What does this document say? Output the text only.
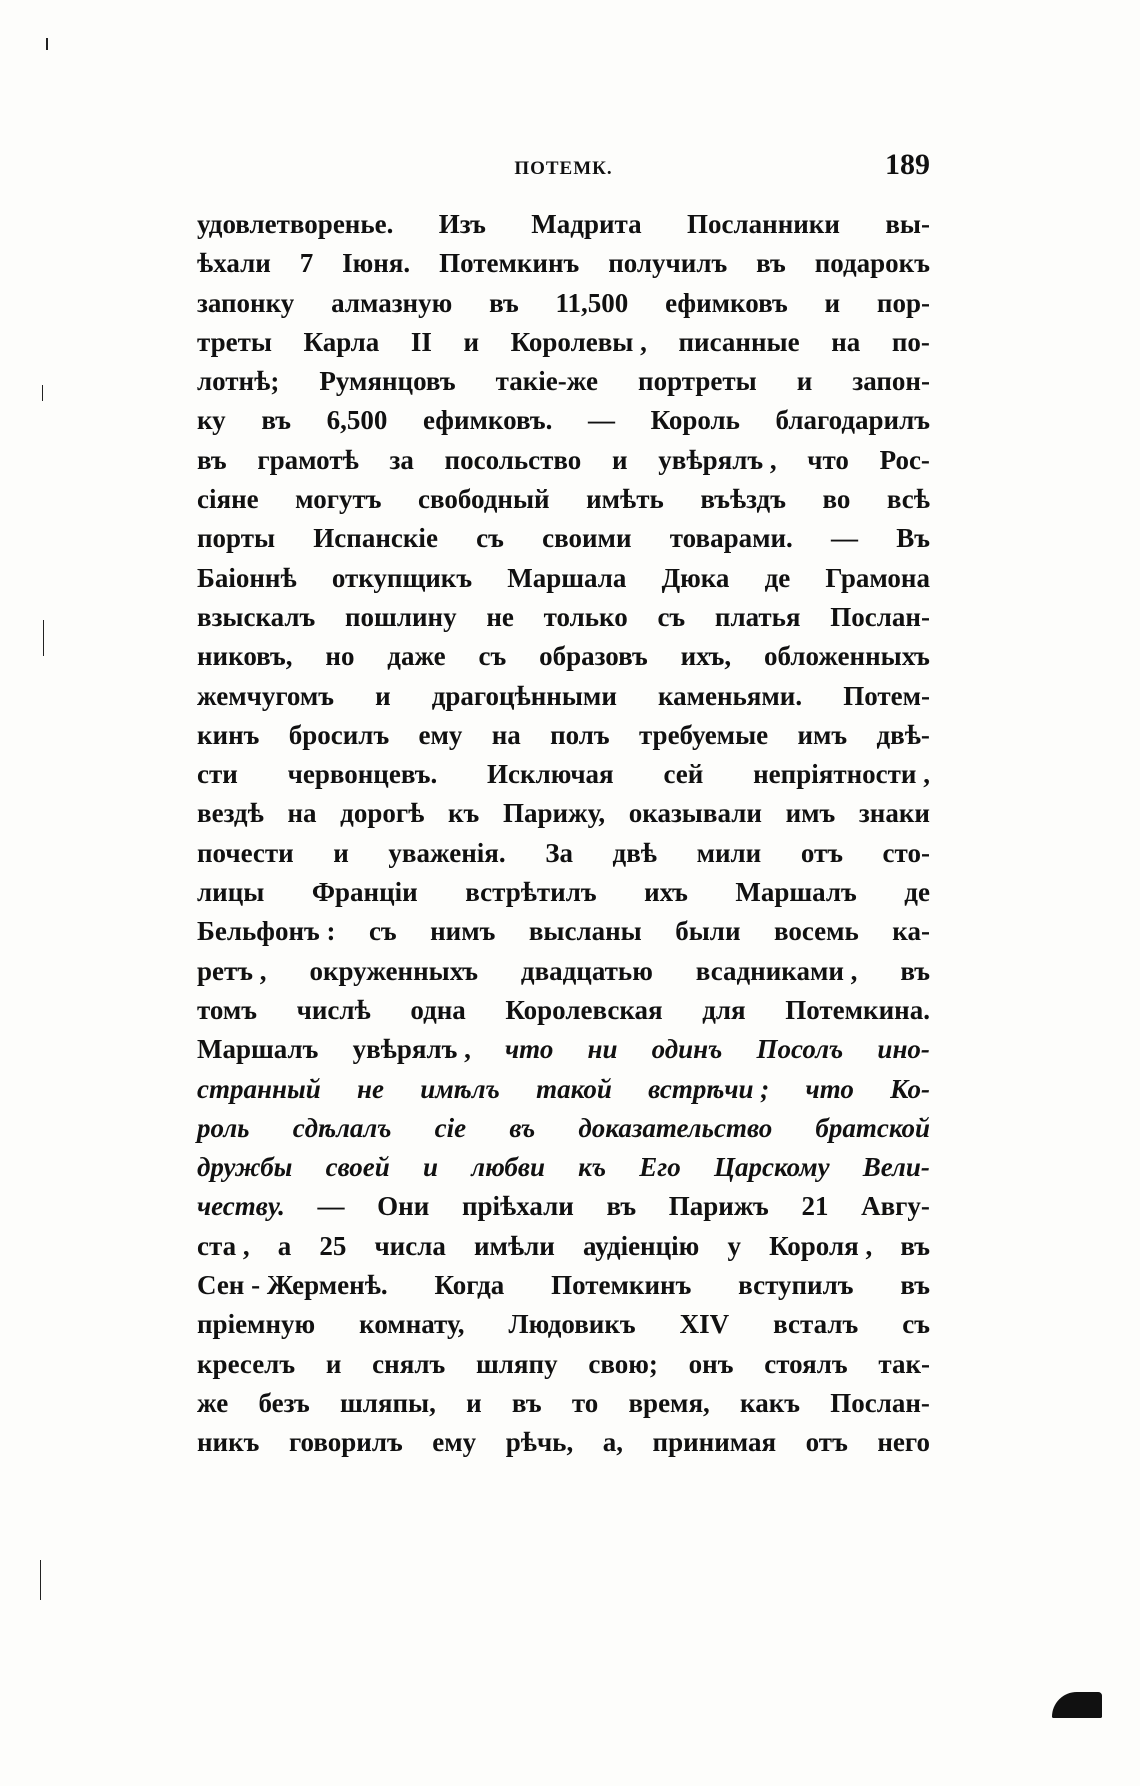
ПОТЕМК.	189
удовлетворенье. Изъ Мадрита Посланники вы-
ѣхали 7 Іюня. Потемкинъ получилъ въ подарокъ
запонку алмазную въ 11,500 ефимковъ и пор-
треты Карла II и Королевы , писанные на по-
лотнѣ; Румянцовъ такіе-же портреты и запон-
ку въ 6,500 ефимковъ. — Король благодарилъ
въ грамотѣ за посольство и увѣрялъ , что Рос-
сіяне могутъ свободный имѣть въѣздъ во всѣ
порты Испанскіе съ своими товарами. — Въ
Баіоннѣ откупщикъ Маршала Дюка де Грамона
взыскалъ пошлину не только съ платья Послан-
никовъ, но даже съ образовъ ихъ, обложенныхъ
жемчугомъ и драгоцѣнными каменьями. Потем-
кинъ бросилъ ему на полъ требуемые имъ двѣ-
сти червонцевъ. Исключая сей непріятности ,
вездѣ на дорогѣ къ Парижу, оказывали имъ знаки
почести и уваженія. За двѣ мили отъ сто-
лицы Франціи встрѣтилъ ихъ Маршалъ де
Бельфонъ : съ нимъ высланы были восемь ка-
ретъ , окруженныхъ двадцатью всадниками , въ
томъ числѣ одна Королевская для Потемкина.
Маршалъ увѣрялъ , что ни одинъ Посолъ ино-
странный не имѣлъ такой встрѣчи ; что Ко-
роль сдѣлалъ сіе въ доказательство братской
дружбы своей и любви къ Его Царскому Вели-
честву. — Они пріѣхали въ Парижъ 21 Авгу-
ста , а 25 числа имѣли аудіенцію у Короля , въ
Сен - Жерменѣ. Когда Потемкинъ вступилъ въ
пріемную комнату, Людовикъ XIV всталъ съ
креселъ и снялъ шляпу свою; онъ стоялъ так-
же безъ шляпы, и въ то время, какъ Послан-
никъ говорилъ ему рѣчь, а, принимая отъ него
